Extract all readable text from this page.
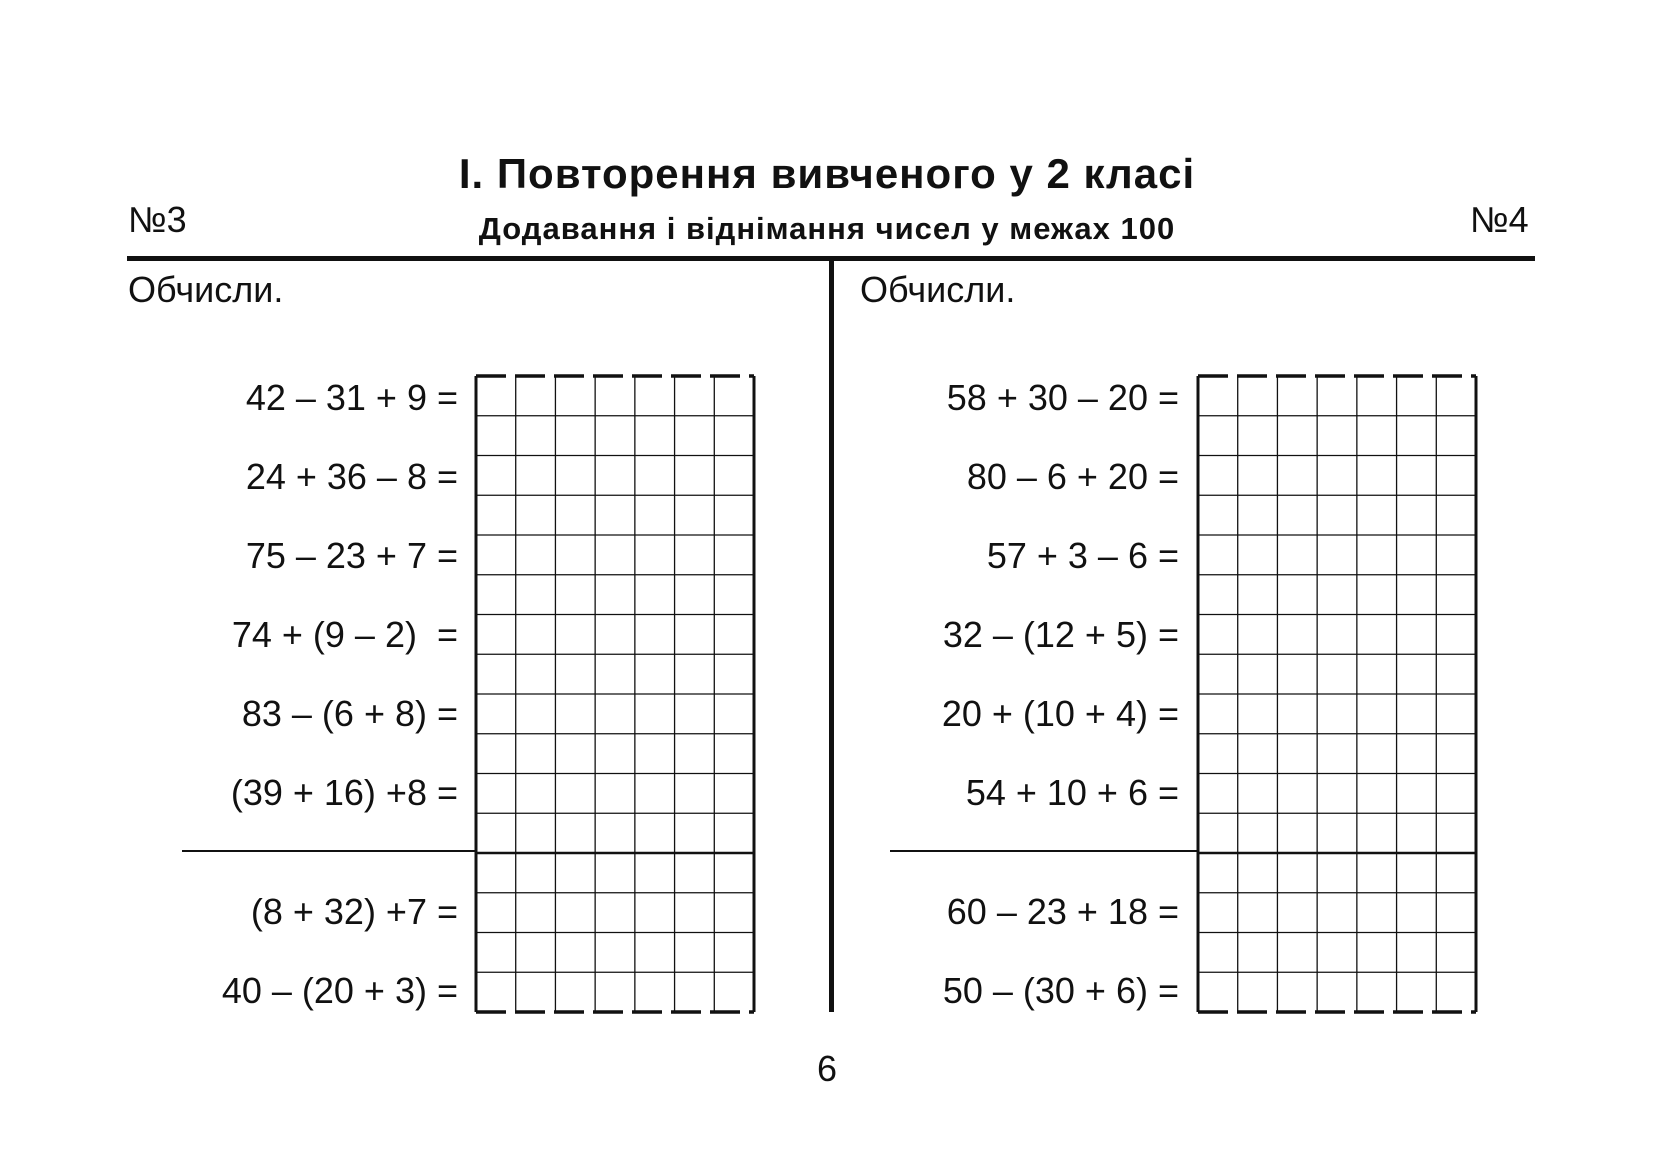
I. Повторення вивченого у 2 класі
Додавання і віднімання чисел у межах 100
№3	№4
Обчисли.	Обчисли.
42 – 31 + 9 =
24 + 36 – 8 =
75 – 23 + 7 =
74 + (9 – 2)  =
83 – (6 + 8) =
(39 + 16) +8 =
(8 + 32) +7 =
40 – (20 + 3) =
58 + 30 – 20 =
80 – 6 + 20 =
57 + 3 – 6 =
32 – (12 + 5) =
20 + (10 + 4) =
54 + 10 + 6 =
60 – 23 + 18 =
50 – (30 + 6) =
6
